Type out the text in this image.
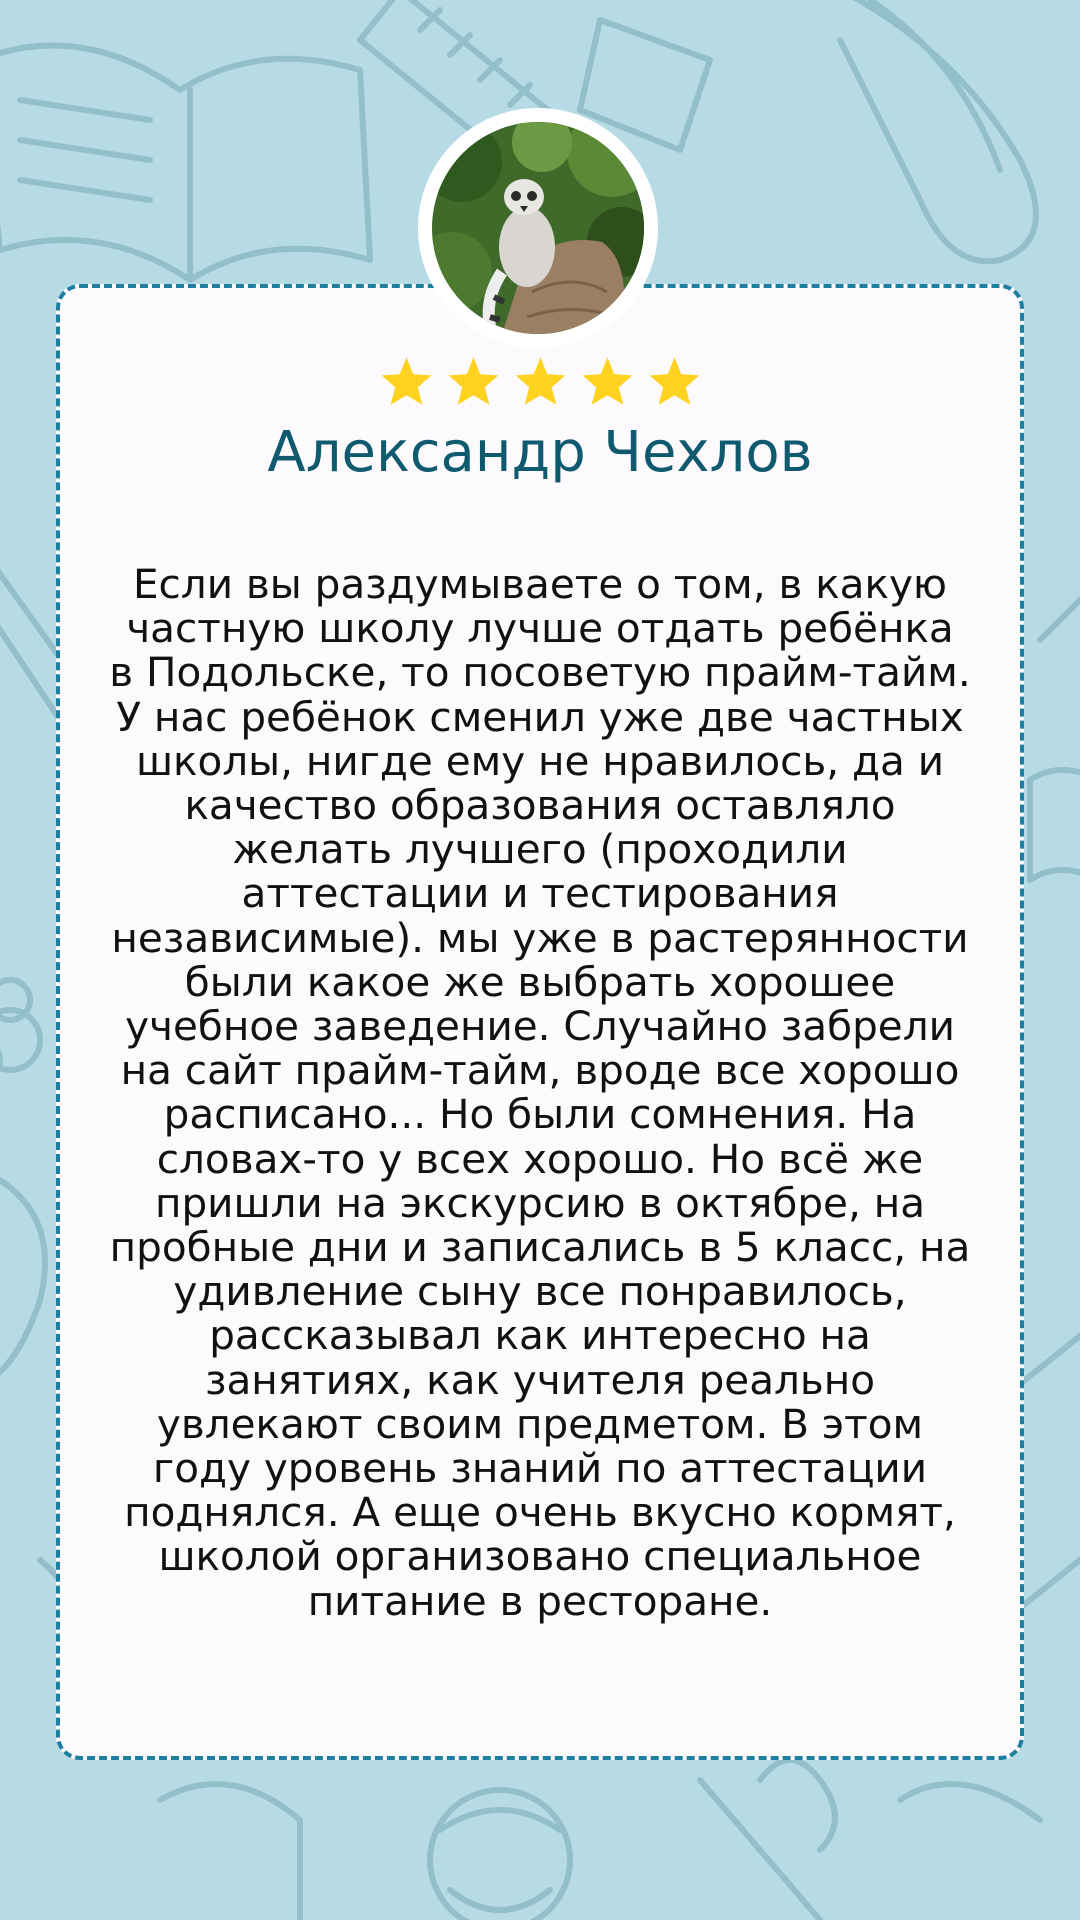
Александр Чехлов
Если вы раздумываете о том, в какую частную школу лучше отдать ребёнка в Подольске, то посоветую прайм-тайм. У нас ребёнок сменил уже две частных школы, нигде ему не нравилось, да и качество образования оставляло желать лучшего (проходили аттестации и тестирования независимые). мы уже в растерянности были какое же выбрать хорошее учебное заведение. Случайно забрели на сайт прайм-тайм, вроде все хорошо расписано... Но были сомнения. На словах-то у всех хорошо. Но всё же пришли на экскурсию в октябре, на пробные дни и записались в 5 класс, на удивление сыну все понравилось, рассказывал как интересно на занятиях, как учителя реально увлекают своим предметом. В этом году уровень знаний по аттестации поднялся. А еще очень вкусно кормят, школой организовано специальное питание в ресторане.
